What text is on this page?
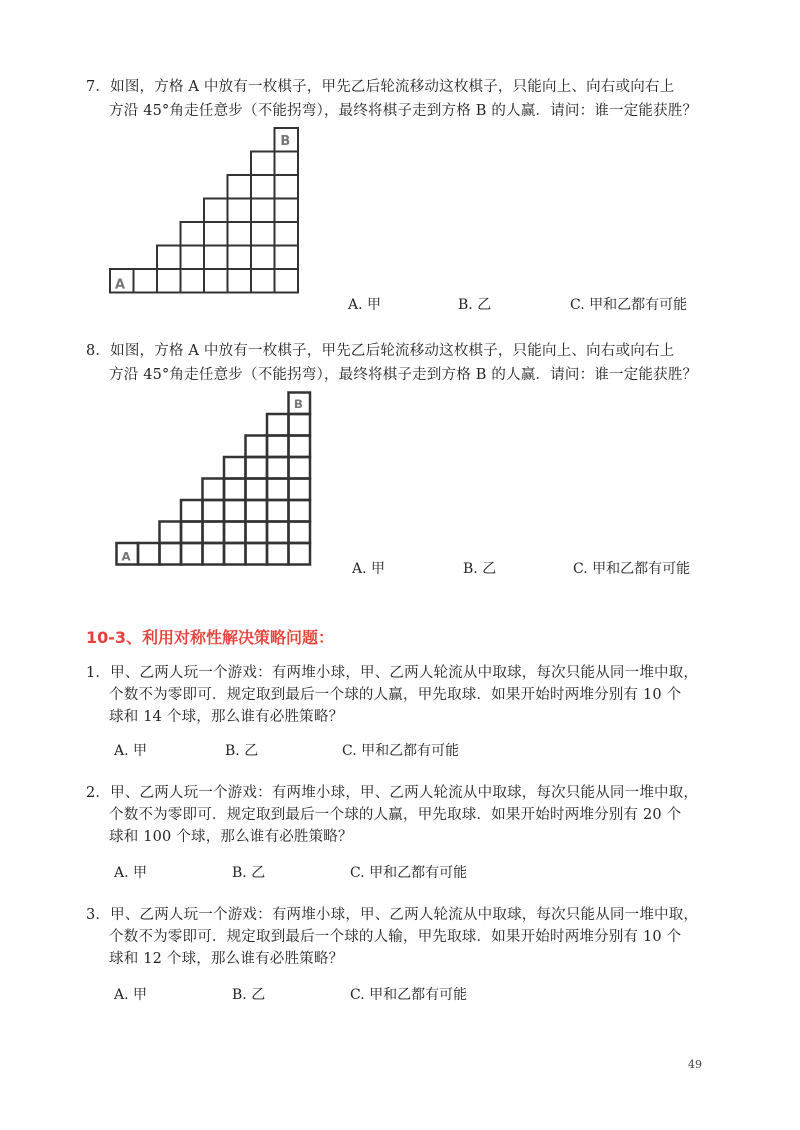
7．如图，方格 A 中放有一枚棋子，甲先乙后轮流移动这枚棋子，只能向上、向右或向右上
方沿 45°角走任意步（不能拐弯），最终将棋子走到方格 B 的人赢．请问：谁一定能获胜？
A
B
A. 甲	B. 乙	C. 甲和乙都有可能
8．如图，方格 A 中放有一枚棋子，甲先乙后轮流移动这枚棋子，只能向上、向右或向右上
方沿 45°角走任意步（不能拐弯），最终将棋子走到方格 B 的人赢．请问：谁一定能获胜？
A
B
A. 甲	B. 乙	C. 甲和乙都有可能
10-3、利用对称性解决策略问题：
1．甲、乙两人玩一个游戏：有两堆小球，甲、乙两人轮流从中取球，每次只能从同一堆中取，
个数不为零即可．规定取到最后一个球的人赢，甲先取球．如果开始时两堆分别有 10 个
球和 14 个球，那么谁有必胜策略？
A. 甲	B. 乙	C. 甲和乙都有可能
2．甲、乙两人玩一个游戏：有两堆小球，甲、乙两人轮流从中取球，每次只能从同一堆中取，
个数不为零即可．规定取到最后一个球的人赢，甲先取球．如果开始时两堆分别有 20 个
球和 100 个球，那么谁有必胜策略？
A. 甲	B. 乙	C. 甲和乙都有可能
3．甲、乙两人玩一个游戏：有两堆小球，甲、乙两人轮流从中取球，每次只能从同一堆中取，
个数不为零即可．规定取到最后一个球的人输，甲先取球．如果开始时两堆分别有 10 个
球和 12 个球，那么谁有必胜策略？
A. 甲	B. 乙	C. 甲和乙都有可能
49
